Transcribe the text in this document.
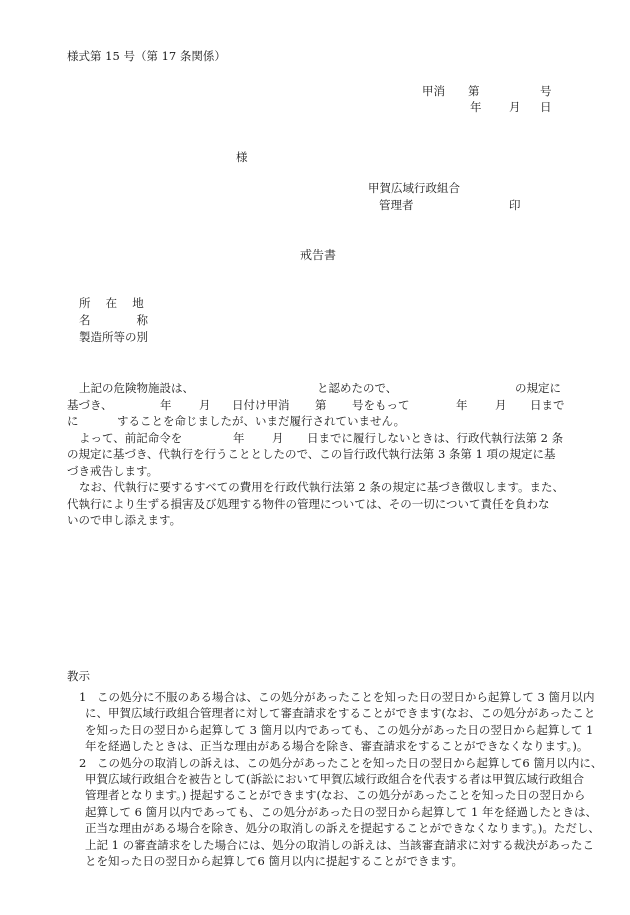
様式第 15 号（第 17 条関係）
甲消 第	号
年 月 日
様
甲賀広域行政組合
管理者	印
戒告書
所　 在　 地
名　　　　称
製造所等の別
上記の危険物施設は、	と認めたので、	の規定に
基づき、	年 月 日付け甲消 第 号をもって	年 月 日まで
に	することを命じましたが、いまだ履行されていません。
よって、前記命令を	年 月 日までに履行しないときは、行政代執行法第 2 条
の規定に基づき、代執行を行うこととしたので、この旨行政代執行法第 3 条第 1 項の規定に基
づき戒告します。
なお、代執行に要するすべての費用を行政代執行法第 2 条の規定に基づき徴収します。また、
代執行により生ずる損害及び処理する物件の管理については、その一切について責任を負わな
いので申し添えます。
教示
1 この処分に不服のある場合は、この処分があったことを知った日の翌日から起算して 3 箇月以内
に、甲賀広域行政組合管理者に対して審査請求をすることができます(なお、この処分があったこと
を知った日の翌日から起算して 3 箇月以内であっても、この処分があった日の翌日から起算して 1
年を経過したときは、正当な理由がある場合を除き、審査請求をすることができなくなります。)。
2 この処分の取消しの訴えは、この処分があったことを知った日の翌日から起算して6 箇月以内に、
甲賀広域行政組合を被告として(訴訟において甲賀広域行政組合を代表する者は甲賀広域行政組合
管理者となります。) 提起することができます(なお、この処分があったことを知った日の翌日から
起算して 6 箇月以内であっても、この処分があった日の翌日から起算して 1 年を経過したときは、
正当な理由がある場合を除き、処分の取消しの訴えを提起することができなくなります。)。ただし、
上記 1 の審査請求をした場合には、処分の取消しの訴えは、当該審査請求に対する裁決があったこ
とを知った日の翌日から起算して6 箇月以内に提起することができます。
